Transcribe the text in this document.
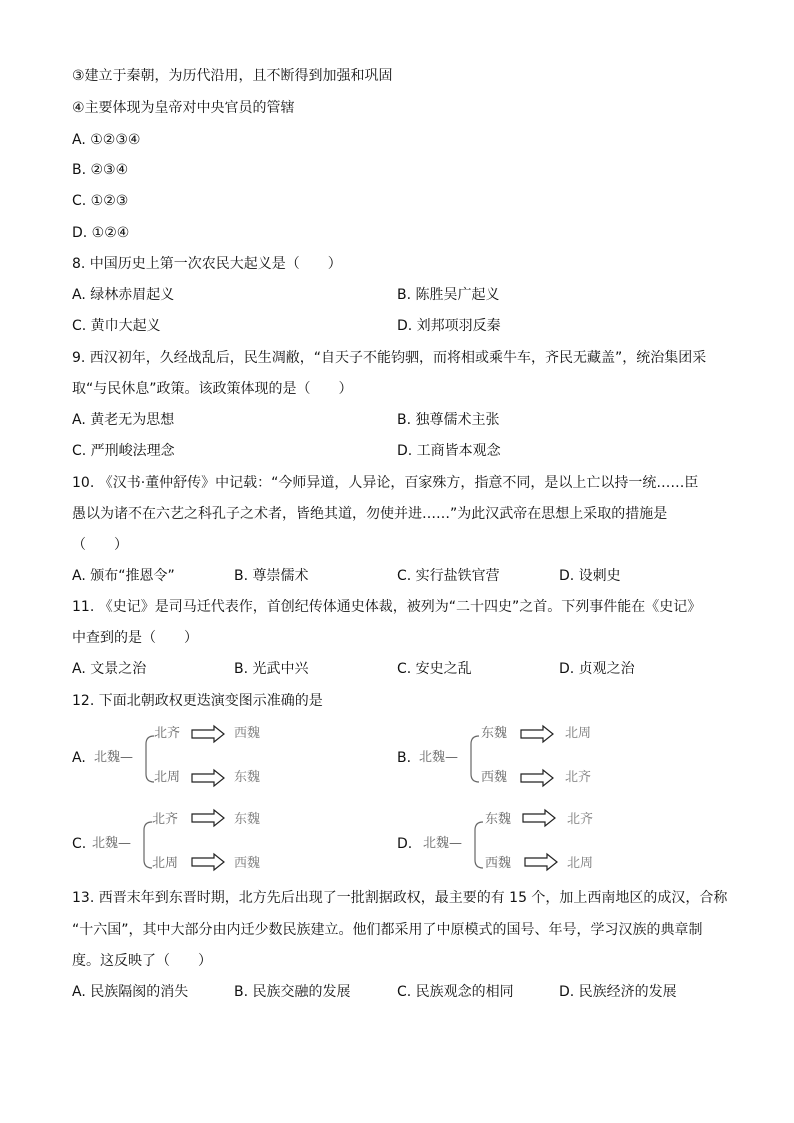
③建立于秦朝，为历代沿用，且不断得到加强和巩固
④主要体现为皇帝对中央官员的管辖
A. ①②③④
B. ②③④
C. ①②③
D. ①②④
8. 中国历史上第一次农民大起义是（　　）
A. 绿林赤眉起义	B. 陈胜吴广起义
C. 黄巾大起义	D. 刘邦项羽反秦
9. 西汉初年，久经战乱后，民生凋敝，“自天子不能钧驷，而将相或乘牛车，齐民无藏盖”，统治集团采
取“与民休息”政策。该政策体现的是（　　）
A. 黄老无为思想	B. 独尊儒术主张
C. 严刑峻法理念	D. 工商皆本观念
10. 《汉书·董仲舒传》中记载：“今师异道，人异论，百家殊方，指意不同，是以上亡以持一统……臣
愚以为诸不在六艺之科孔子之术者，皆绝其道，勿使并进……”为此汉武帝在思想上采取的措施是
（　　）
A. 颁布“推恩令”	B. 尊崇儒术	C. 实行盐铁官营	D. 设刺史
11. 《史记》是司马迁代表作，首创纪传体通史体裁，被列为“二十四史”之首。下列事件能在《史记》
中查到的是（　　）
A. 文景之治	B. 光武中兴	C. 安史之乱	D. 贞观之治
12. 下面北朝政权更迭演变图示准确的是
A. 北魏—
北齐
北周
西魏
东魏
B. 北魏—
东魏
西魏
北周
北齐
C. 北魏—
北齐
北周
东魏
西魏
D. 北魏—
东魏
西魏
北齐
北周
13. 西晋末年到东晋时期，北方先后出现了一批割据政权，最主要的有 15 个，加上西南地区的成汉，合称
“十六国”，其中大部分由内迁少数民族建立。他们都采用了中原模式的国号、年号，学习汉族的典章制
度。这反映了（　　）
A. 民族隔阂的消失	B. 民族交融的发展	C. 民族观念的相同	D. 民族经济的发展
